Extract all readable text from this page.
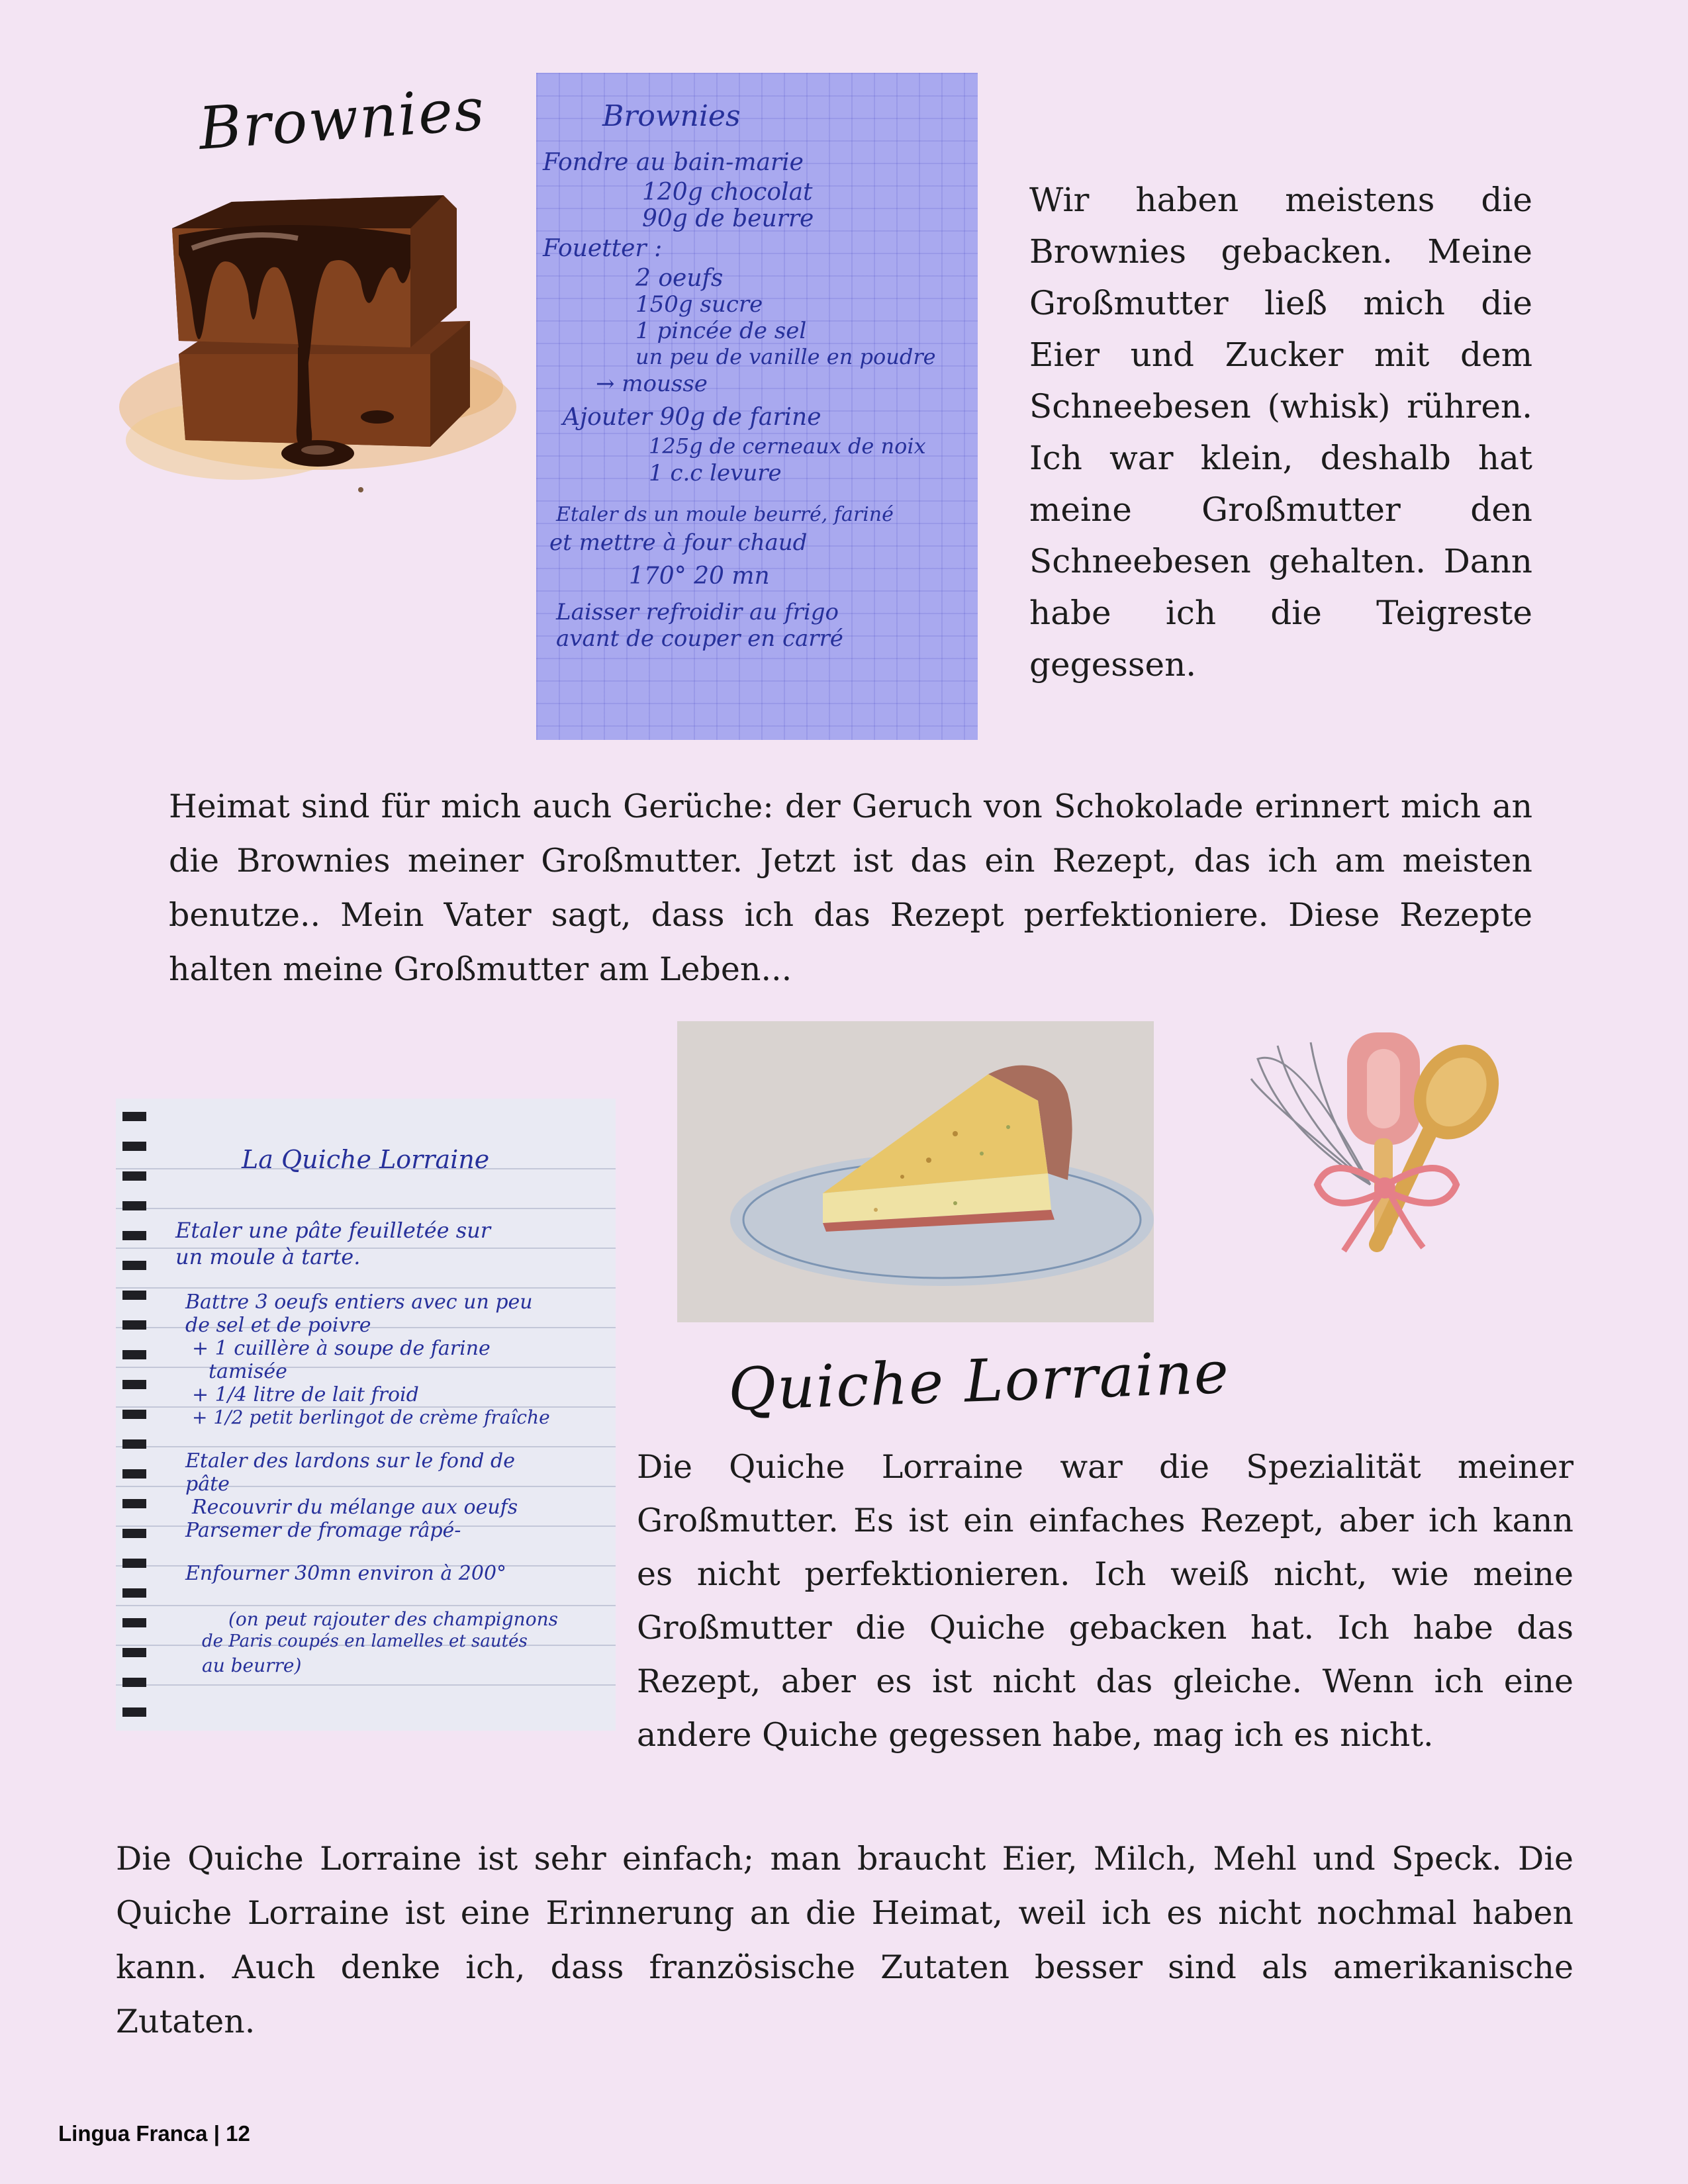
Brownies	Brownies
Fondre au bain-marie
120g chocolat
90g de beurre
Fouetter :
2 oeufs
150g sucre
1 pincée de sel
un peu de vanille en poudre
→ mousse
Ajouter 90g de farine
125g de cerneaux de noix
1 c.c levure
Etaler ds un moule beurré, fariné
et mettre à four chaud
170° 20 mn
Laisser refroidir au frigo
avant de couper en carré

Wir haben meistens die Brownies gebacken. Meine Großmutter ließ mich die Eier und Zucker mit dem Schneebesen (whisk) rühren. Ich war klein, deshalb hat meine Großmutter den Schneebesen gehalten. Dann habe ich die Teigreste gegessen.

Heimat sind für mich auch Gerüche: der Geruch von Schokolade erinnert mich an die Brownies meiner Großmutter. Jetzt ist das ein Rezept, das ich am meisten benutze.. Mein Vater sagt, dass ich das Rezept perfektioniere. Diese Rezepte halten meine Großmutter am Leben...

La Quiche Lorraine
Etaler une pâte feuilletée sur
un moule à tarte.
Battre 3 oeufs entiers avec un peu
de sel et de poivre
+ 1 cuillère à soupe de farine
tamisée
+ 1/4 litre de lait froid
+ 1/2 petit berlingot de crème fraîche
Etaler des lardons sur le fond de
pâte
Recouvrir du mélange aux oeufs
Parsemer de fromage râpé-
Enfourner 30mn environ à 200°
(on peut rajouter des champignons
de Paris coupés en lamelles et sautés
au beurre)
Quiche Lorraine

Die Quiche Lorraine war die Spezialität meiner Großmutter. Es ist ein einfaches Rezept, aber ich kann es nicht perfektionieren. Ich weiß nicht, wie meine Großmutter die Quiche gebacken hat. Ich habe das Rezept, aber es ist nicht das gleiche. Wenn ich eine andere Quiche gegessen habe, mag ich es nicht.

Die Quiche Lorraine ist sehr einfach; man braucht Eier, Milch, Mehl und Speck. Die Quiche Lorraine ist eine Erinnerung an die Heimat, weil ich es nicht nochmal haben kann. Auch denke ich, dass französische Zutaten besser sind als amerikanische Zutaten.

Lingua Franca | 12
